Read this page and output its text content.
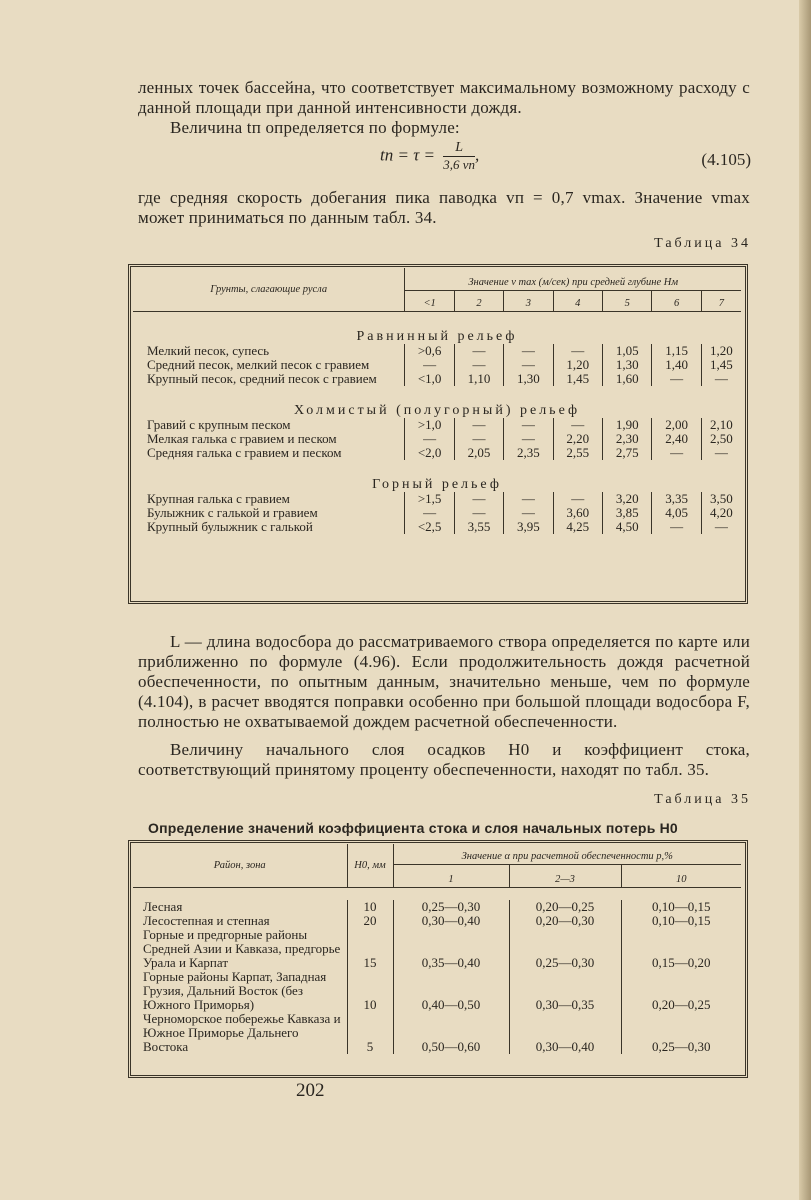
ленных точек бассейна, что соответствует максимальному возможному расходу с данной площади при данной интенсивности дождя.
Величина tп определяется по формуле:
tп = $\tau = \frac{L}{3,6 vп}$ ,	(4.105)
где средняя скорость добегания пика паводка vп = 0,7 vmax. Значение vmax может приниматься по данным табл. 34.
Таблица 34
Грунты, слагающие русла	Значение v max (м/сек) при средней глубине Нм						
	<1	2	3	4	5	6	7
Равнинный рельеф							
Мелкий песок, супесь	>0,6	—	—	—	1,05	1,15	1,20
Средний песок, мелкий песок с гравием	—	—	—	1,20	1,30	1,40	1,45
Крупный песок, средний песок с гравием	<1,0	1,10	1,30	1,45	1,60	—	—
Холмистый (полугорный) рельеф							
Гравий с крупным песком	>1,0	—	—	—	1,90	2,00	2,10
Мелкая галька с гравием и песком	—	—	—	2,20	2,30	2,40	2,50
Средняя галька с гравием и песком	<2,0	2,05	2,35	2,55	2,75	—	—
Горный рельеф							
Крупная галька с гравием	>1,5	—	—	—	3,20	3,35	3,50
Булыжник с галькой и гравием	—	—	—	3,60	3,85	4,05	4,20
Крупный булыжник с галькой	<2,5	3,55	3,95	4,25	4,50	—	—
L — длина водосбора до рассматриваемого створа определяется по карте или приближенно по формуле (4.96). Если продолжительность дождя расчетной обеспеченности, по опытным данным, значительно меньше, чем по формуле (4.104), в расчет вводятся поправки особенно при большой площади водосбора F, полностью не охватываемой дождем расчетной обеспеченности.
Величину начального слоя осадков H0 и коэффициент стока, соответствующий принятому проценту обеспеченности, находят по табл. 35.
Таблица 35
Определение значений коэффициента стока и слоя начальных потерь H0
Район, зона	H0, мм	Значение α при расчетной обеспеченности p,%		
		1	2—3	10

Лесная	10	0,25—0,30	0,20—0,25	0,10—0,15
Лесостепная и степная	20	0,30—0,40	0,20—0,30	0,10—0,15
Горные и предгорные районы Средней Азии и Кавказа, предгорье Урала и Карпат	15	0,35—0,40	0,25—0,30	0,15—0,20
Горные районы Карпат, Западная Грузия, Дальний Восток (без Южного Приморья)	10	0,40—0,50	0,30—0,35	0,20—0,25
Черноморское побережье Кавказа и Южное Приморье Дальнего Востока	5	0,50—0,60	0,30—0,40	0,25—0,30
202
